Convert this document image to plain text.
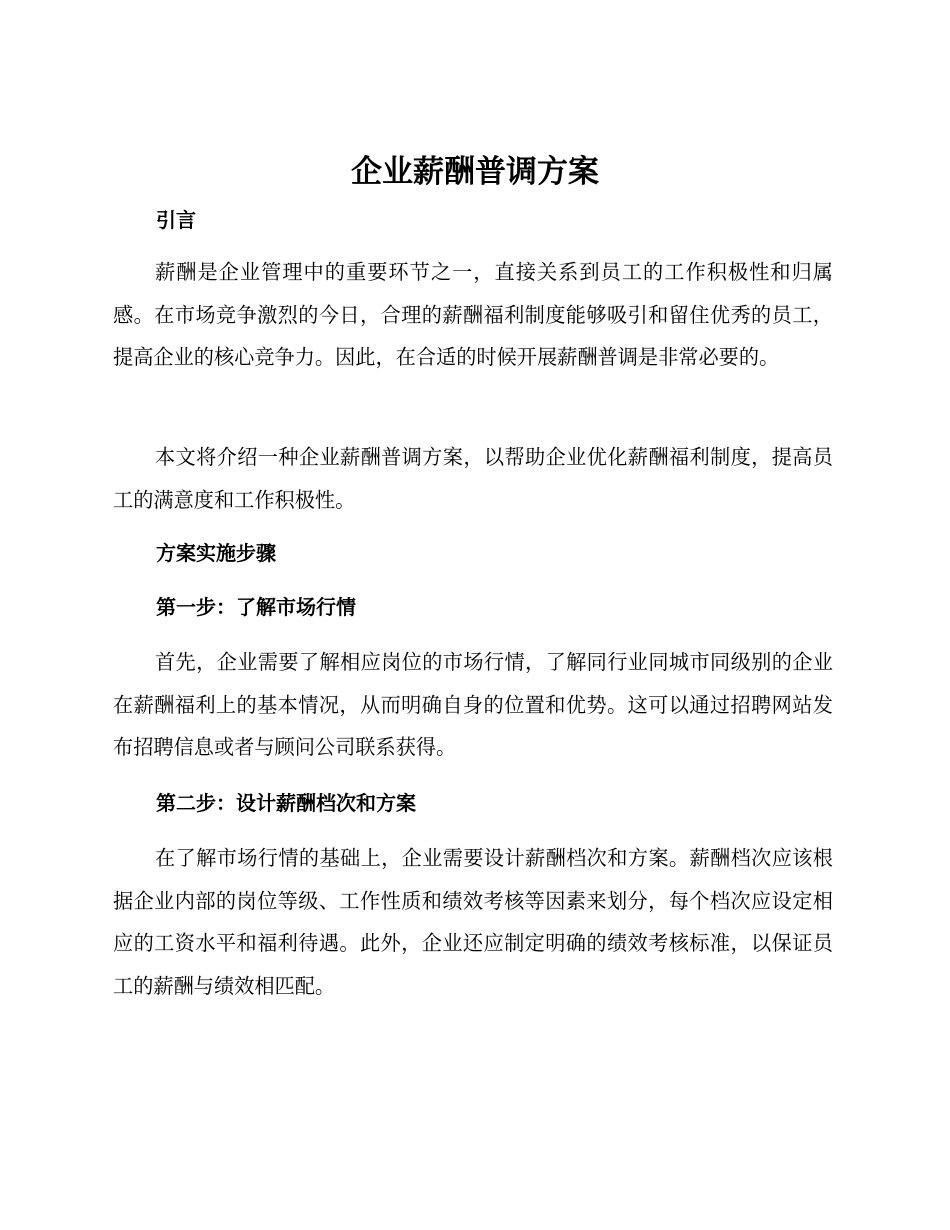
企业薪酬普调方案
引言
薪酬是企业管理中的重要环节之一，直接关系到员工的工作积极性和归属感。在市场竞争激烈的今日，合理的薪酬福利制度能够吸引和留住优秀的员工，提高企业的核心竞争力。因此，在合适的时候开展薪酬普调是非常必要的。
本文将介绍一种企业薪酬普调方案，以帮助企业优化薪酬福利制度，提高员工的满意度和工作积极性。
方案实施步骤
第一步：了解市场行情
首先，企业需要了解相应岗位的市场行情，了解同行业同城市同级别的企业在薪酬福利上的基本情况，从而明确自身的位置和优势。这可以通过招聘网站发布招聘信息或者与顾问公司联系获得。
第二步：设计薪酬档次和方案
在了解市场行情的基础上，企业需要设计薪酬档次和方案。薪酬档次应该根据企业内部的岗位等级、工作性质和绩效考核等因素来划分，每个档次应设定相应的工资水平和福利待遇。此外，企业还应制定明确的绩效考核标准，以保证员工的薪酬与绩效相匹配。
